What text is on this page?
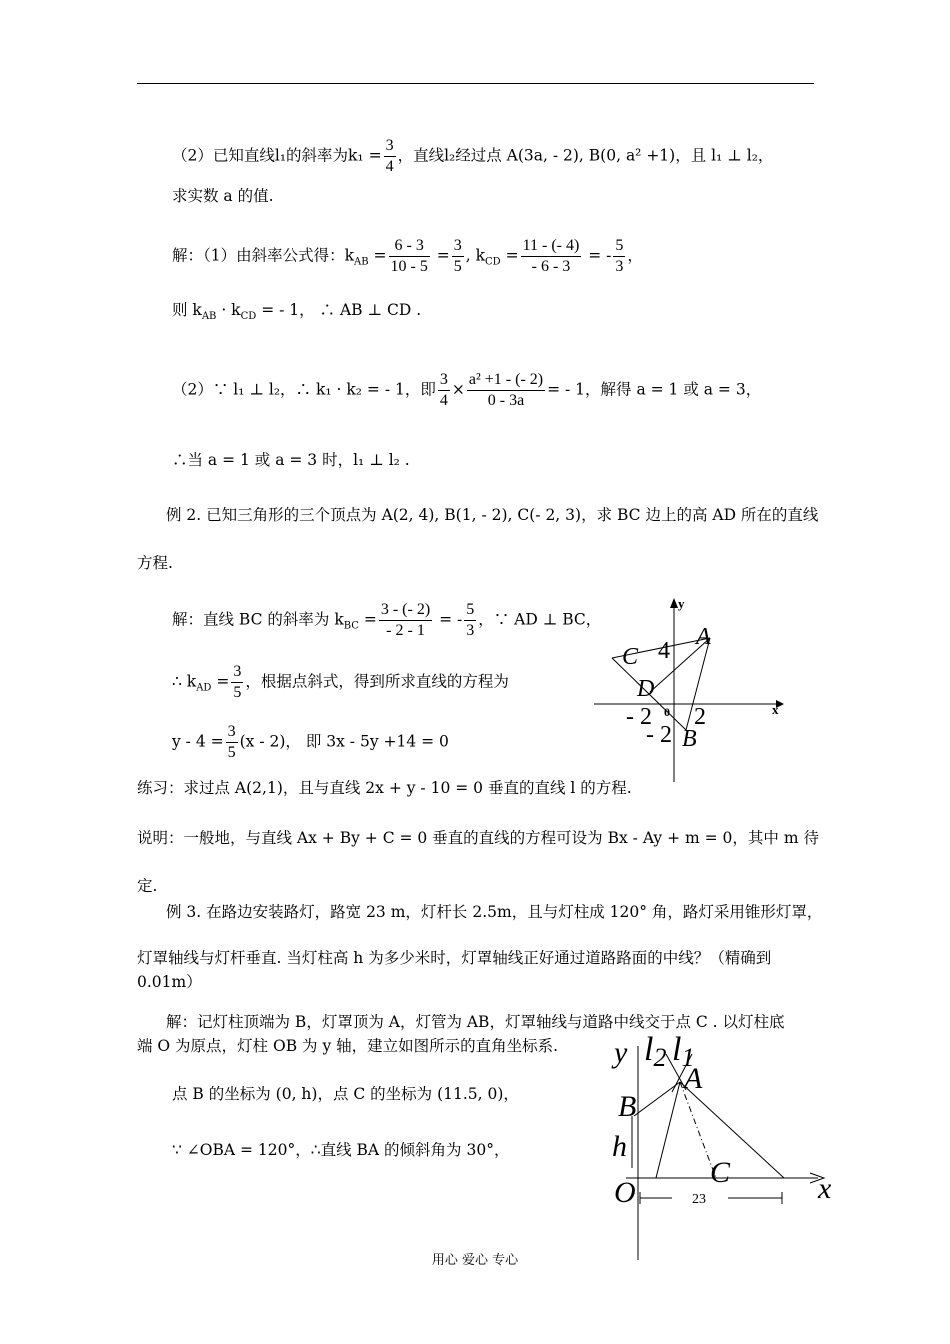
（2）已知直线l₁的斜率为$k_1 = \frac{3}{4}$ ，直线l₂经过点 A(3a, - 2), B(0, a² +1)，且 l₁ ⊥ l₂，
求实数 a 的值.
解：（1）由斜率公式得：$k_{AB} = \frac{6 - 3}{10 - 5} = \frac{3}{5}$ , $k_{CD} = \frac{11 - (- 4)}{- 6 - 3}$ = - $\frac{5}{3}$ ，
则 $k_{AB} \cdot k_{CD}$ = - 1， ∴ AB ⊥ CD .
（2）∵ l₁ ⊥ l₂，∴ k₁ · k₂ = - 1，即 $\frac{3}{4} \times \frac{\text{a² +1 - (- 2)}}{0 - 3a}$ = - 1，解得 a = 1 或 a = 3，
∴当 a = 1 或 a = 3 时，l₁ ⊥ l₂ .
例 2. 已知三角形的三个顶点为 A(2, 4), B(1, - 2), C(- 2, 3)，求 BC 边上的高 AD 所在的直线
方程.
解：直线 BC 的斜率为 $k_{BC} = \frac{3 - (- 2)}{- 2 - 1}$ = - $\frac{5}{3}$ ，∵ AD ⊥ BC，
∴ $k_{AD} = \frac{3}{5}$ ，根据点斜式，得到所求直线的方程为
$y - 4 = \frac{3}{5} (x - 2)$， 即 3x - 5y +14 = 0
y
x
0
A
C 4
D
- 2 2
- 2 B
练习：求过点 A(2,1)，且与直线 2x + y - 10 = 0 垂直的直线 l 的方程.
说明：一般地，与直线 Ax + By + C = 0 垂直的直线的方程可设为 Bx - Ay + m = 0，其中 m 待
定.
例 3. 在路边安装路灯，路宽 23 m，灯杆长 2.5m，且与灯柱成 120° 角，路灯采用锥形灯罩，
灯罩轴线与灯杆垂直. 当灯柱高 h 为多少米时，灯罩轴线正好通过道路路面的中线？（精确到
0.01m）
解：记灯柱顶端为 B，灯罩顶为 A，灯管为 AB，灯罩轴线与道路中线交于点 C . 以灯柱底
端 O 为原点，灯柱 OB 为 y 轴，建立如图所示的直角坐标系.
点 B 的坐标为 (0, h)，点 C 的坐标为 (11.5, 0)，
∵ ∠OBA = 120°，∴直线 BA 的倾斜角为 30°，
y l2 l1
A
B
h
C
O	x
23
用心 爱心 专心
